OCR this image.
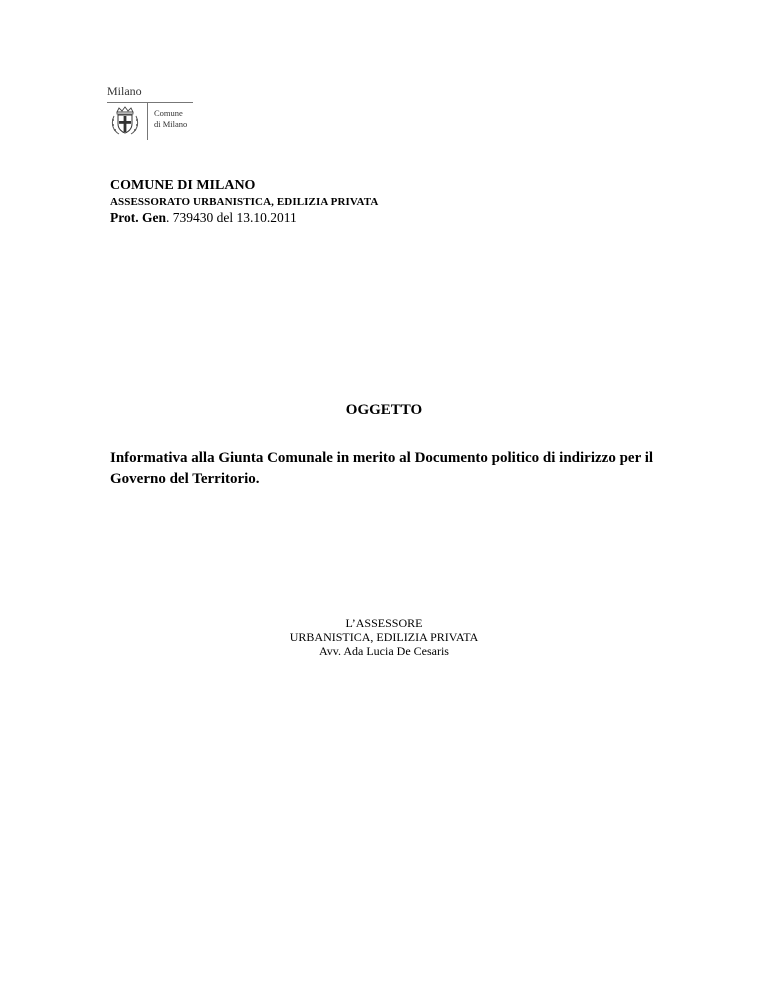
Milano
Comune
di Milano
COMUNE DI MILANO
ASSESSORATO URBANISTICA, EDILIZIA PRIVATA
Prot. Gen. 739430 del 13.10.2011
OGGETTO
Informativa alla Giunta Comunale in merito al Documento politico di indirizzo per il
Governo del Territorio.
L’ASSESSORE
URBANISTICA, EDILIZIA PRIVATA
Avv. Ada Lucia De Cesaris
